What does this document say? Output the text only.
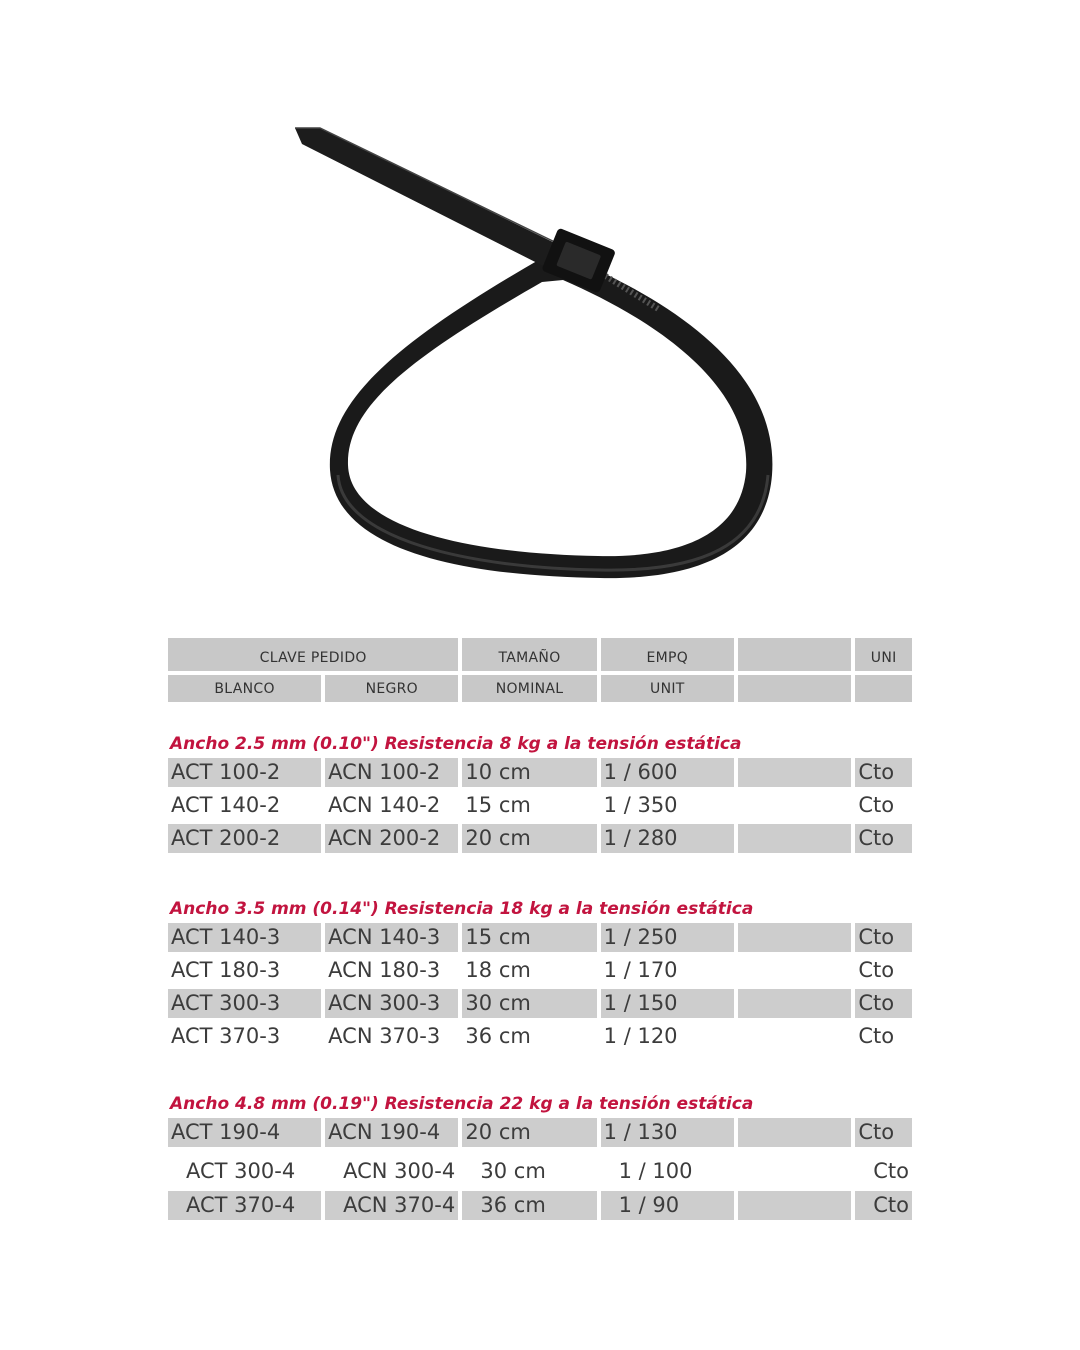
CLAVE PEDIDO	TAMAÑO	EMPQ	UNI
BLANCO	NEGRO	NOMINAL	UNIT
Ancho 2.5 mm (0.10") Resistencia 8 kg a la tensión estática
ACT 100-2	ACN 100-2	10 cm	1 / 600	Cto
ACT 140-2	ACN 140-2	15 cm	1 / 350	Cto
ACT 200-2	ACN 200-2	20 cm	1 / 280	Cto
Ancho 3.5 mm (0.14") Resistencia 18 kg a la tensión estática
ACT 140-3	ACN 140-3	15 cm	1 / 250	Cto
ACT 180-3	ACN 180-3	18 cm	1 / 170	Cto
ACT 300-3	ACN 300-3	30 cm	1 / 150	Cto
ACT 370-3	ACN 370-3	36 cm	1 / 120	Cto
Ancho 4.8 mm (0.19") Resistencia 22 kg a la tensión estática
ACT 190-4	ACN 190-4	20 cm	1 / 130	Cto
ACT 300-4	ACN 300-4	30 cm	1 / 100	Cto
ACT 370-4	ACN 370-4	36 cm	1 / 90	Cto
